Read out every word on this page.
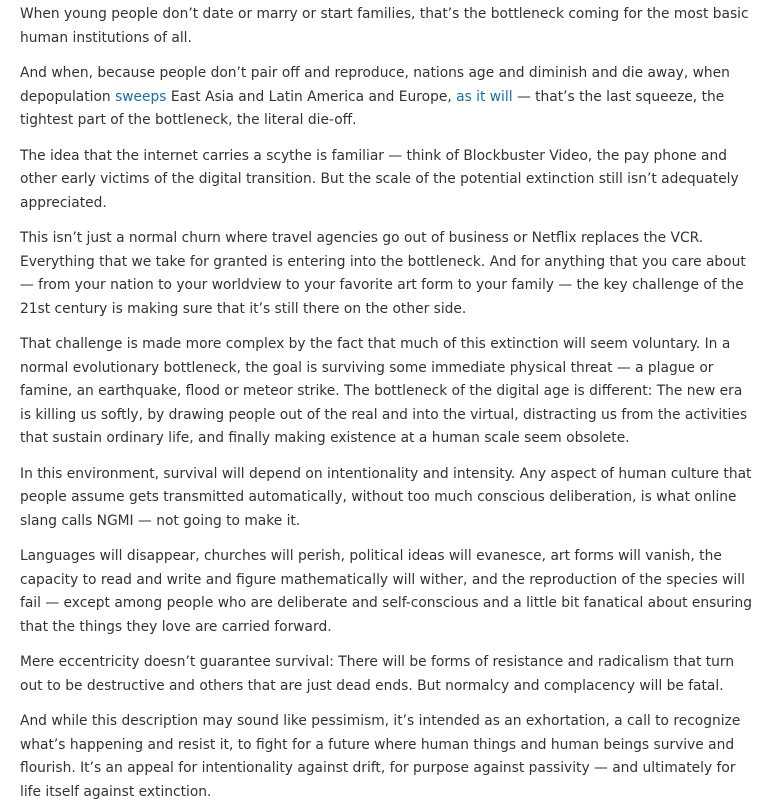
When young people don’t date or marry or start families, that’s the bottleneck coming for the most basic human institutions of all.

And when, because people don’t pair off and reproduce, nations age and diminish and die away, when depopulation sweeps East Asia and Latin America and Europe, as it will — that’s the last squeeze, the tightest part of the bottleneck, the literal die-off.

The idea that the internet carries a scythe is familiar — think of Blockbuster Video, the pay phone and other early victims of the digital transition. But the scale of the potential extinction still isn’t adequately appreciated.

This isn’t just a normal churn where travel agencies go out of business or Netflix replaces the VCR. Everything that we take for granted is entering into the bottleneck. And for anything that you care about — from your nation to your worldview to your favorite art form to your family — the key challenge of the 21st century is making sure that it’s still there on the other side.

That challenge is made more complex by the fact that much of this extinction will seem voluntary. In a normal evolutionary bottleneck, the goal is surviving some immediate physical threat — a plague or famine, an earthquake, flood or meteor strike. The bottleneck of the digital age is different: The new era is killing us softly, by drawing people out of the real and into the virtual, distracting us from the activities that sustain ordinary life, and finally making existence at a human scale seem obsolete.

In this environment, survival will depend on intentionality and intensity. Any aspect of human culture that people assume gets transmitted automatically, without too much conscious deliberation, is what online slang calls NGMI — not going to make it.

Languages will disappear, churches will perish, political ideas will evanesce, art forms will vanish, the capacity to read and write and figure mathematically will wither, and the reproduction of the species will fail — except among people who are deliberate and self-conscious and a little bit fanatical about ensuring that the things they love are carried forward.

Mere eccentricity doesn’t guarantee survival: There will be forms of resistance and radicalism that turn out to be destructive and others that are just dead ends. But normalcy and complacency will be fatal.

And while this description may sound like pessimism, it’s intended as an exhortation, a call to recognize what’s happening and resist it, to fight for a future where human things and human beings survive and flourish. It’s an appeal for intentionality against drift, for purpose against passivity — and ultimately for life itself against extinction.
